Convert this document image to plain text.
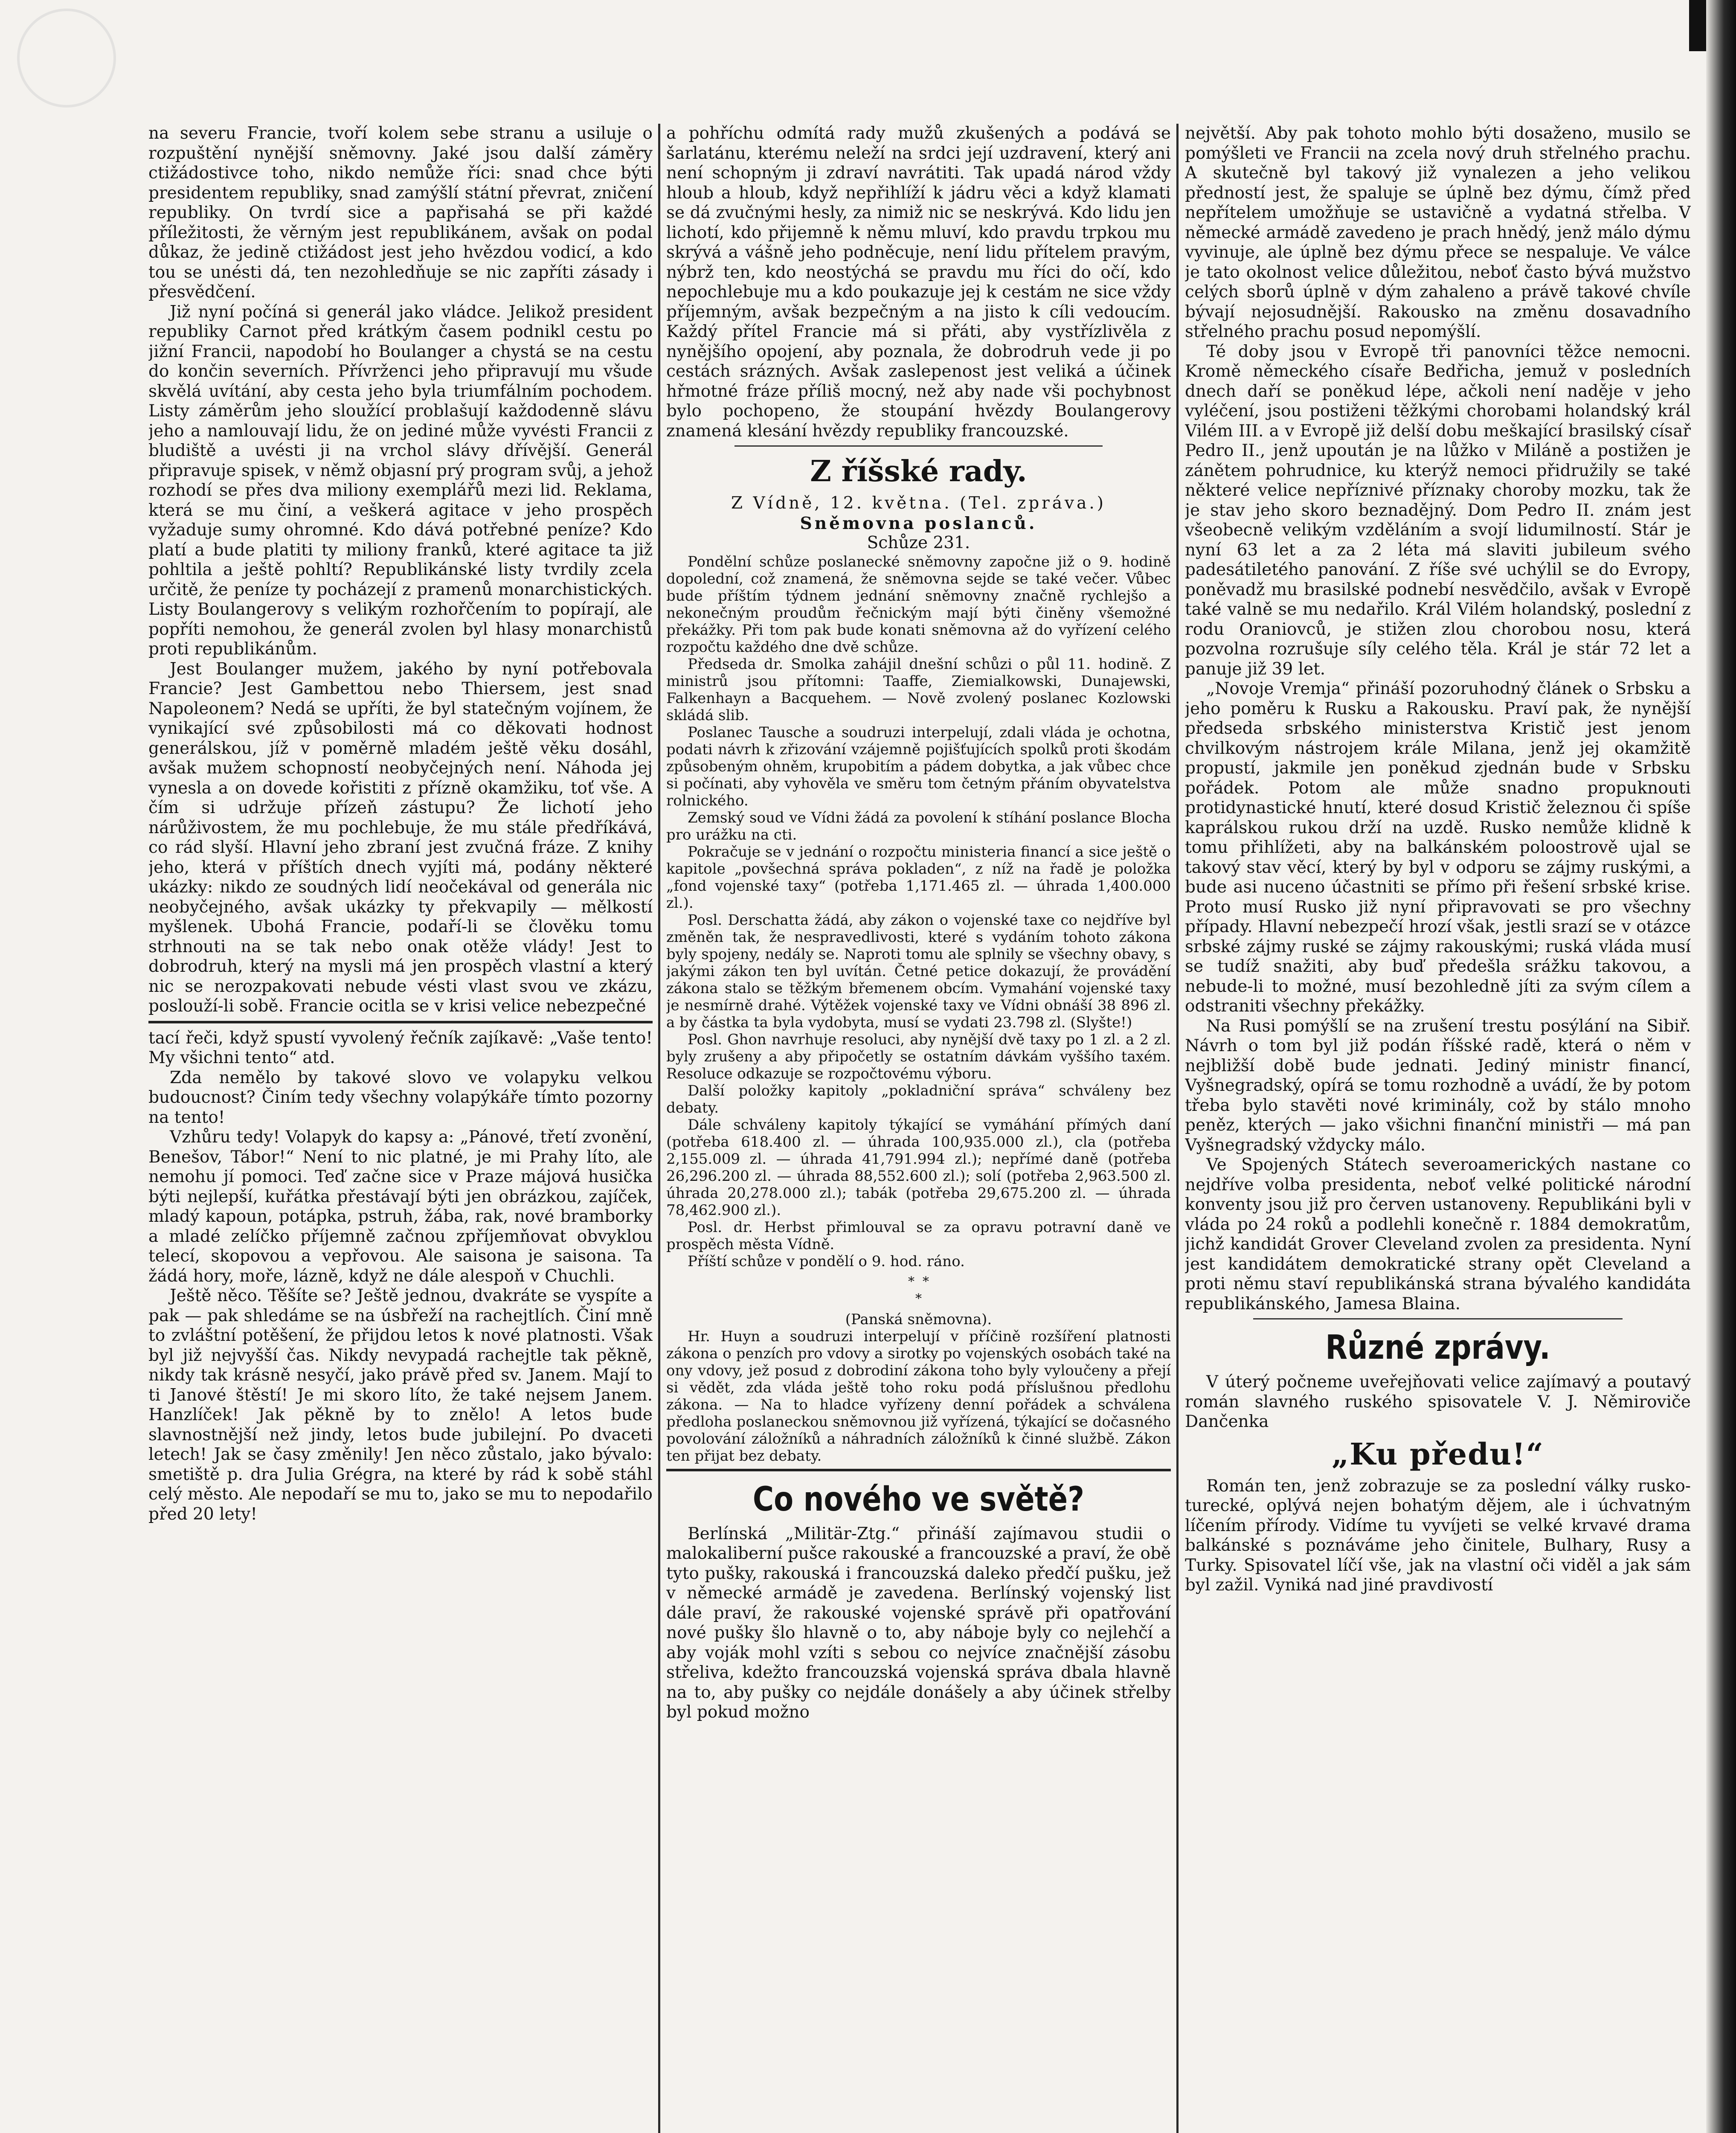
na severu Francie, tvoří kolem sebe stranu a usiluje o rozpuštění nynější sněmovny. Jaké jsou další záměry ctižádostivce toho, nikdo nemůže říci: snad chce býti presidentem republiky, snad zamýšlí státní převrat, zničení republiky. On tvrdí sice a papřisahá se při každé příležitosti, že věrným jest republikánem, avšak on podal důkaz, že jedině ctižádost jest jeho hvězdou vodicí, a kdo tou se unésti dá, ten nezohledňuje se nic zapříti zásady i přesvědčení.

Již nyní počíná si generál jako vládce. Jelikož president republiky Carnot před krátkým časem podnikl cestu po jižní Francii, napodobí ho Boulanger a chystá se na cestu do končin severních. Přívrženci jeho připravují mu všude skvělá uvítání, aby cesta jeho byla triumfálním pochodem. Listy záměrům jeho sloužící problašují každodenně slávu jeho a namlouvají lidu, že on jediné může vyvésti Francii z bludiště a uvésti ji na vrchol slávy dřívější. Generál připravuje spisek, v němž objasní prý program svůj, a jehož rozhodí se přes dva miliony exemplářů mezi lid. Reklama, která se mu činí, a veškerá agitace v jeho prospěch vyžaduje sumy ohromné. Kdo dává potřebné peníze? Kdo platí a bude platiti ty miliony franků, které agitace ta již pohltila a ještě pohltí? Republikánské listy tvrdily zcela určitě, že peníze ty pocházejí z pramenů monarchistických. Listy Boulangerovy s velikým rozhořčením to popírají, ale popříti nemohou, že generál zvolen byl hlasy monarchistů proti republikánům.

Jest Boulanger mužem, jakého by nyní potřebovala Francie? Jest Gambettou nebo Thiersem, jest snad Napoleonem? Nedá se upříti, že byl statečným vojínem, že vynikající své způsobilosti má co děkovati hodnost generálskou, jíž v poměrně mladém ještě věku dosáhl, avšak mužem schopností neobyčejných není. Náhoda jej vynesla a on dovede kořistiti z přízně okamžiku, toť vše. A čím si udržuje přízeň zástupu? Že lichotí jeho nárůživostem, že mu pochlebuje, že mu stále předříkává, co rád slyší. Hlavní jeho zbraní jest zvučná fráze. Z knihy jeho, která v příštích dnech vyjíti má, podány některé ukázky: nikdo ze soudných lidí neočekával od generála nic neobyčejného, avšak ukázky ty překvapily — mělkostí myšlenek. Ubohá Francie, podaří-li se člověku tomu strhnouti na se tak nebo onak otěže vlády! Jest to dobrodruh, který na mysli má jen prospěch vlastní a který nic se nerozpakovati nebude vésti vlast svou ve zkázu, poslouží-li sobě. Francie ocitla se v krisi velice nebezpečné

tací řeči, když spustí vyvolený řečník zajíkavě: „Vaše tento! My všichni tento“ atd.

Zda nemělo by takové slovo ve volapyku velkou budoucnost? Činím tedy všechny volapýkáře tímto pozorny na tento!

Vzhůru tedy! Volapyk do kapsy a: „Pánové, třetí zvonění, Benešov, Tábor!“ Není to nic platné, je mi Prahy líto, ale nemohu jí pomoci. Teď začne sice v Praze májová husička býti nejlepší, kuřátka přestávají býti jen obrázkou, zajíček, mladý kapoun, potápka, pstruh, žába, rak, nové bramborky a mladé zelíčko příjemně začnou zpříjemňovat obvyklou telecí, skopovou a vepřovou. Ale saisona je saisona. Ta žádá hory, moře, lázně, když ne dále alespoň v Chuchli.

Ještě něco. Těšíte se? Ještě jednou, dvakráte se vyspíte a pak — pak shledáme se na úsbřeží na rachejtlích. Činí mně to zvláštní potěšení, že přijdou letos k nové platnosti. Však byl již nejvyšší čas. Nikdy nevypadá rachejtle tak pěkně, nikdy tak krásně nesyčí, jako právě před sv. Janem. Mají to ti Janové štěstí! Je mi skoro líto, že také nejsem Janem. Hanzlíček! Jak pěkně by to znělo! A letos bude slavnostnější než jindy, letos bude jubilejní. Po dvaceti letech! Jak se časy změnily! Jen něco zůstalo, jako bývalo: smetiště p. dra Julia Grégra, na které by rád k sobě stáhl celý město. Ale nepodaří se mu to, jako se mu to nepodařilo před 20 lety!

a pohříchu odmítá rady mužů zkušených a podává se šarlatánu, kterému neleží na srdci její uzdravení, který ani není schopným ji zdraví navrátiti. Tak upadá národ vždy hloub a hloub, když nepřihlíží k jádru věci a když klamati se dá zvučnými hesly, za nimiž nic se neskrývá. Kdo lidu jen lichotí, kdo přijemně k němu mluví, kdo pravdu trpkou mu skrývá a vášně jeho podněcuje, není lidu přítelem pravým, nýbrž ten, kdo neostýchá se pravdu mu říci do očí, kdo nepochlebuje mu a kdo poukazuje jej k cestám ne sice vždy příjemným, avšak bezpečným a na jisto k cíli vedoucím. Každý přítel Francie má si přáti, aby vystřízlivěla z nynějšího opojení, aby poznala, že dobrodruh vede ji po cestách srázných. Avšak zaslepenost jest veliká a účinek hřmotné fráze příliš mocný, než aby nade vši pochybnost bylo pochopeno, že stoupání hvězdy Boulangerovy znamená klesání hvězdy republiky francouzské.

Z říšské rady.
Z Vídně, 12. května. (Tel. zpráva.)
Sněmovna poslanců.
Schůze 231.

Pondělní schůze poslanecké sněmovny započne již o 9. hodině dopolední, což znamená, že sněmovna sejde se také večer. Vůbec bude příštím týdnem jednání sněmovny značně rychlejšo a nekonečným proudům řečnickým mají býti činěny všemožné překážky. Při tom pak bude konati sněmovna až do vyřízení celého rozpočtu každého dne dvě schůze.

Předseda dr. Smolka zahájil dnešní schůzi o půl 11. hodině. Z ministrů jsou přítomni: Taaffe, Ziemialkowski, Dunajewski, Falkenhayn a Bacquehem. — Nově zvolený poslanec Kozlowski skládá slib.

Poslanec Tausche a soudruzi interpelují, zdali vláda je ochotna, podati návrh k zřizování vzájemně pojišťujících spolků proti škodám způsobeným ohněm, krupobitím a pádem dobytka, a jak vůbec chce si počínati, aby vyhověla ve směru tom četným přáním obyvatelstva rolnického.

Zemský soud ve Vídni žádá za povolení k stíhání poslance Blocha pro urážku na cti.

Pokračuje se v jednání o rozpočtu ministeria financí a sice ještě o kapitole „povšechná správa pokladen“, z níž na řadě je položka „fond vojenské taxy“ (potřeba 1,171.465 zl. — úhrada 1,400.000 zl.).

Posl. Derschatta žádá, aby zákon o vojenské taxe co nejdříve byl změněn tak, že nespravedlivosti, které s vydáním tohoto zákona byly spojeny, nedály se. Naproti tomu ale splnily se všechny obavy, s jakými zákon ten byl uvítán. Četné petice dokazují, že provádění zákona stalo se těžkým břemenem obcím. Vymahání vojenské taxy je nesmírně drahé. Výtěžek vojenské taxy ve Vídni obnáší 38 896 zl. a by částka ta byla vydobyta, musí se vydati 23.798 zl. (Slyšte!)

Posl. Ghon navrhuje resoluci, aby nynější dvě taxy po 1 zl. a 2 zl. byly zrušeny a aby připočetly se ostatním dávkám vyššího taxém. Resoluce odkazuje se rozpočtovému výboru.

Další položky kapitoly „pokladniční správa“ schváleny bez debaty.

Dále schváleny kapitoly týkající se vymáhání přímých daní (potřeba 618.400 zl. — úhrada 100,935.000 zl.), cla (potřeba 2,155.009 zl. — úhrada 41,791.994 zl.); nepřímé daně (potřeba 26,296.200 zl. — úhrada 88,552.600 zl.); solí (potřeba 2,963.500 zl. úhrada 20,278.000 zl.); tabák (potřeba 29,675.200 zl. — úhrada 78,462.900 zl.).

Posl. dr. Herbst přimlouval se za opravu potravní daně ve prospěch města Vídně.

Příští schůze v pondělí o 9. hod. ráno.

*  *
*
(Panská sněmovna).

Hr. Huyn a soudruzi interpelují v příčině rozšíření platnosti zákona o penzích pro vdovy a sirotky po vojenských osobách také na ony vdovy, jež posud z dobrodiní zákona toho byly vyloučeny a přejí si vědět, zda vláda ještě toho roku podá příslušnou předlohu zákona. — Na to hladce vyřízeny denní pořádek a schválena předloha poslaneckou sněmovnou již vyřízená, týkající se dočasného povolování záložníků a náhradních záložníků k činné službě. Zákon ten přijat bez debaty.

Co nového ve světě?

Berlínská „Militär-Ztg.“ přináší zajímavou studii o malokaliberní pušce rakouské a francouzské a praví, že obě tyto pušky, rakouská i francouzská daleko předčí pušku, jež v německé armádě je zavedena. Berlínský vojenský list dále praví, že rakouské vojenské správě při opatřování nové pušky šlo hlavně o to, aby náboje byly co nejlehčí a aby voják mohl vzíti s sebou co nejvíce značnější zásobu střeliva, kdežto francouzská vojenská správa dbala hlavně na to, aby pušky co nejdále donášely a aby účinek střelby byl pokud možno

největší. Aby pak tohoto mohlo býti dosaženo, musilo se pomýšleti ve Francii na zcela nový druh střelného prachu. A skutečně byl takový již vynalezen a jeho velikou předností jest, že spaluje se úplně bez dýmu, čímž před nepřítelem umožňuje se ustavičně a vydatná střelba. V německé armádě zavedeno je prach hnědý, jenž málo dýmu vyvinuje, ale úplně bez dýmu přece se nespaluje. Ve válce je tato okolnost velice důležitou, neboť často bývá mužstvo celých sborů úplně v dým zahaleno a právě takové chvíle bývají nejosudnější. Rakousko na změnu dosavadního střelného prachu posud nepomýšlí.

Té doby jsou v Evropě tři panovníci těžce nemocni. Kromě německého císaře Bedřicha, jemuž v posledních dnech daří se poněkud lépe, ačkoli není naděje v jeho vyléčení, jsou postiženi těžkými chorobami holandský král Vilém III. a v Evropě již delší dobu meškající brasilský císař Pedro II., jenž upoután je na lůžko v Miláně a postižen je zánětem pohrudnice, ku kterýž nemoci přidružily se také některé velice nepříznivé příznaky choroby mozku, tak že je stav jeho skoro beznadějný. Dom Pedro II. znám jest všeobecně velikým vzděláním a svojí lidumilností. Stár je nyní 63 let a za 2 léta má slaviti jubileum svého padesátiletého panování. Z říše své uchýlil se do Evropy, poněvadž mu brasilské podnebí nesvědčilo, avšak v Evropě také valně se mu nedařilo. Král Vilém holandský, poslední z rodu Oraniovců, je stižen zlou chorobou nosu, která pozvolna rozrušuje síly celého těla. Král je stár 72 let a panuje již 39 let.

„Novoje Vremja“ přináší pozoruhodný článek o Srbsku a jeho poměru k Rusku a Rakousku. Praví pak, že nynější předseda srbského ministerstva Kristič jest jenom chvilkovým nástrojem krále Milana, jenž jej okamžitě propustí, jakmile jen poněkud zjednán bude v Srbsku pořádek. Potom ale může snadno propuknouti protidynastické hnutí, které dosud Kristič železnou či spíše kaprálskou rukou drží na uzdě. Rusko nemůže klidně k tomu přihlížeti, aby na balkánském poloostrově ujal se takový stav věcí, který by byl v odporu se zájmy ruskými, a bude asi nuceno účastniti se přímo při řešení srbské krise. Proto musí Rusko již nyní připravovati se pro všechny případy. Hlavní nebezpečí hrozí však, jestli srazí se v otázce srbské zájmy ruské se zájmy rakouskými; ruská vláda musí se tudíž snažiti, aby buď předešla srážku takovou, a nebude-li to možné, musí bezohledně jíti za svým cílem a odstraniti všechny překážky.

Na Rusi pomýšlí se na zrušení trestu posýlání na Sibiř. Návrh o tom byl již podán říšské radě, která o něm v nejbližší době bude jednati. Jediný ministr financí, Vyšnegradský, opírá se tomu rozhodně a uvádí, že by potom třeba bylo stavěti nové kriminály, což by stálo mnoho peněz, kterých — jako všichni finanční ministři — má pan Vyšnegradský vždycky málo.

Ve Spojených Státech severoamerických nastane co nejdříve volba presidenta, neboť velké politické národní konventy jsou již pro červen ustanoveny. Republikáni byli v vláda po 24 roků a podlehli konečně r. 1884 demokratům, jichž kandidát Grover Cleveland zvolen za presidenta. Nyní jest kandidátem demokratické strany opět Cleveland a proti němu staví republikánská strana bývalého kandidáta republikánského, Jamesa Blaina.

Různé zprávy.

V úterý počneme uveřejňovati velice zajímavý a poutavý román slavného ruského spisovatele V. J. Němiroviče Dančenka

„Ku předu!“

Román ten, jenž zobrazuje se za poslední války rusko-turecké, oplývá nejen bohatým dějem, ale i úchvatným líčením přírody. Vidíme tu vyvíjeti se velké krvavé drama balkánské s poznáváme jeho činitele, Bulhary, Rusy a Turky. Spisovatel líčí vše, jak na vlastní oči viděl a jak sám byl zažil. Vyniká nad jiné pravdivostí
